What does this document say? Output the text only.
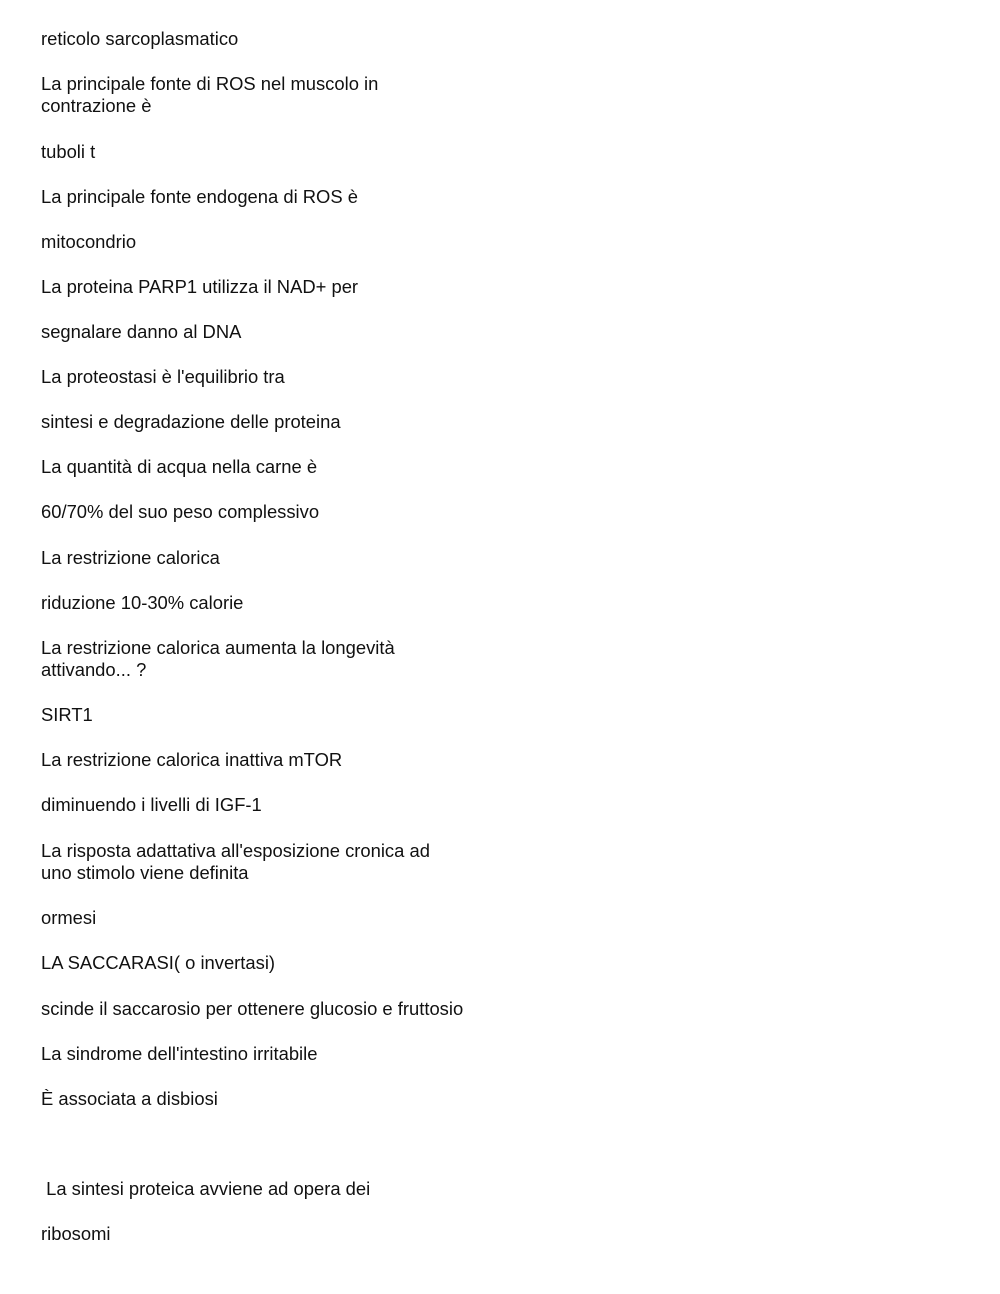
reticolo sarcoplasmatico

La principale fonte di ROS nel muscolo in

contrazione è

tuboli t

La principale fonte endogena di ROS è

mitocondrio

La proteina PARP1 utilizza il NAD+ per

segnalare danno al DNA

La proteostasi è l'equilibrio tra

sintesi e degradazione delle proteina

La quantità di acqua nella carne è

60/70% del suo peso complessivo

La restrizione calorica

riduzione 10-30% calorie

La restrizione calorica aumenta la longevità

attivando... ?

SIRT1

La restrizione calorica inattiva mTOR

diminuendo i livelli di IGF-1

La risposta adattativa all'esposizione cronica ad

uno stimolo viene definita

ormesi

LA SACCARASI( o invertasi)

scinde il saccarosio per ottenere glucosio e fruttosio

La sindrome dell'intestino irritabile

È associata a disbiosi

La sintesi proteica avviene ad opera dei

ribosomi
